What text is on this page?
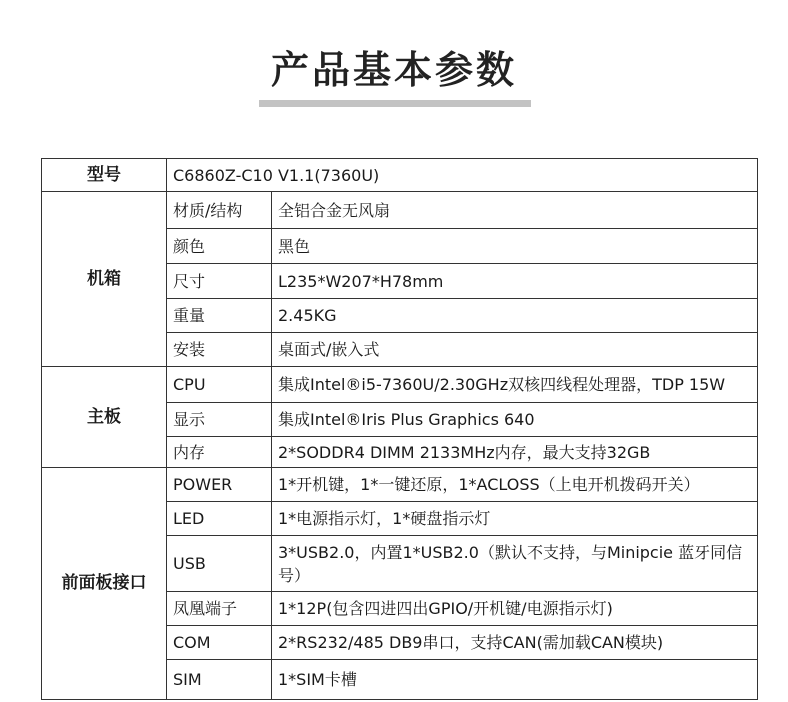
产品基本参数
型号	C6860Z-C10 V1.1(7360U)	
机箱	材质/结构	全铝合金无风扇
	颜色	黑色
	尺寸	L235*W207*H78mm
	重量	2.45KG
	安装	桌面式/嵌入式
主板	CPU	集成Intel®i5-7360U/2.30GHz双核四线程处理器，TDP 15W
	显示	集成Intel®Iris Plus Graphics 640
	内存	2*SODDR4 DIMM 2133MHz内存，最大支持32GB
前面板接口	POWER	1*开机键，1*一键还原，1*ACLOSS（上电开机拨码开关）
	LED	1*电源指示灯，1*硬盘指示灯
	USB	3*USB2.0，内置1*USB2.0（默认不支持，与Minipcie 蓝牙同信号）
	凤凰端子	1*12P(包含四进四出GPIO/开机键/电源指示灯)
	COM	2*RS232/485 DB9串口，支持CAN(需加载CAN模块)
	SIM	1*SIM卡槽
